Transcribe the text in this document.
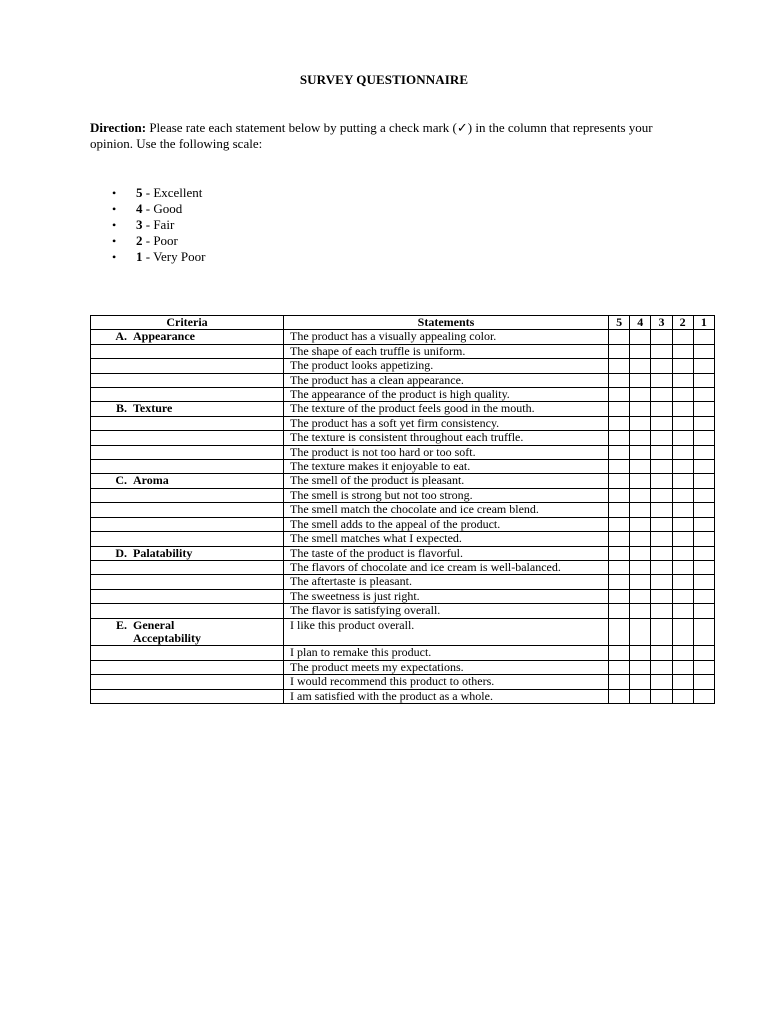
SURVEY QUESTIONNAIRE
Direction: Please rate each statement below by putting a check mark (✓) in the column that represents your opinion. Use the following scale:
• 5 - Excellent
• 4 - Good
• 3 - Fair
• 2 - Poor
• 1 - Very Poor
Criteria	Statements	5	4	3	2	1
A. Appearance	The product has a visually appealing color.					
	The shape of each truffle is uniform.					
	The product looks appetizing.					
	The product has a clean appearance.					
	The appearance of the product is high quality.					
B. Texture	The texture of the product feels good in the mouth.					
	The product has a soft yet firm consistency.					
	The texture is consistent throughout each truffle.					
	The product is not too hard or too soft.					
	The texture makes it enjoyable to eat.					
C. Aroma	The smell of the product is pleasant.					
	The smell is strong but not too strong.					
	The smell match the chocolate and ice cream blend.					
	The smell adds to the appeal of the product.					
	The smell matches what I expected.					
D. Palatability	The taste of the product is flavorful.					
	The flavors of chocolate and ice cream is well-balanced.					
	The aftertaste is pleasant.					
	The sweetness is just right.					
	The flavor is satisfying overall.					
E. General Acceptability	I like this product overall.					
	I plan to remake this product.					
	The product meets my expectations.					
	I would recommend this product to others.					
	I am satisfied with the product as a whole.					
